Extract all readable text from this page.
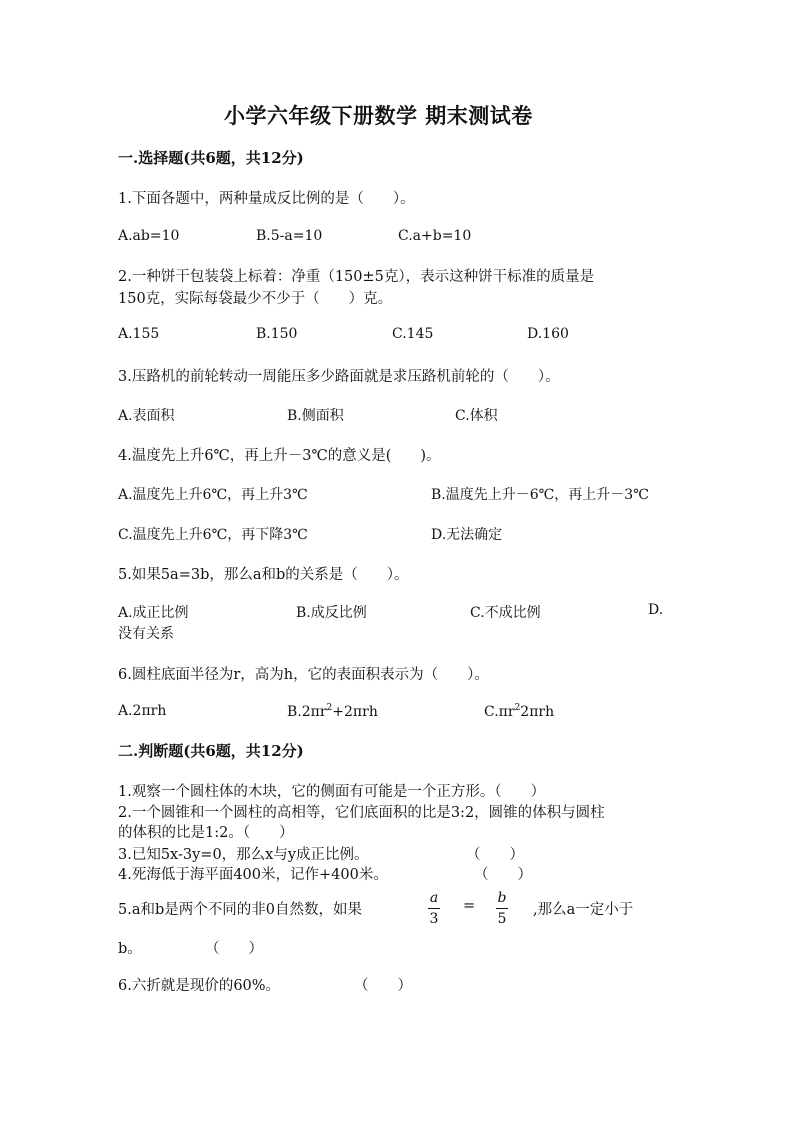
小学六年级下册数学 期末测试卷
一.选择题(共6题，共12分)
1.下面各题中，两种量成反比例的是（　　）。
A.ab=10	B.5-a=10	C.a+b=10
2.一种饼干包装袋上标着：净重（150±5克），表示这种饼干标准的质量是
150克，实际每袋最少不少于（　　）克。
A.155	B.150	C.145	D.160
3.压路机的前轮转动一周能压多少路面就是求压路机前轮的（　　）。
A.表面积	B.侧面积	C.体积
4.温度先上升6℃，再上升－3℃的意义是(　　)。
A.温度先上升6℃，再上升3℃	B.温度先上升－6℃，再上升－3℃
C.温度先上升6℃，再下降3℃	D.无法确定
5.如果5a=3b，那么a和b的关系是（　　）。
A.成正比例	B.成反比例	C.不成比例	D.
没有关系
6.圆柱底面半径为r，高为h，它的表面积表示为（　　）。
A.2πrh	$B.2\pi r^2+2\pi rh$	$C.\pi r^22\pi rh$
二.判断题(共6题，共12分)
1.观察一个圆柱体的木块，它的侧面有可能是一个正方形。（　　）
2.一个圆锥和一个圆柱的高相等，它们底面积的比是3:2，圆锥的体积与圆柱
的体积的比是1:2。（　　）
3.已知5x-3y=0，那么x与y成正比例。	（　　）
4.死海低于海平面400米，记作+400米。	（　　）
5.a和b是两个不同的非0自然数，如果
a
3
= b
5
,那么a一定小于
b。	（　　）
6.六折就是现价的60%。	（　　）
